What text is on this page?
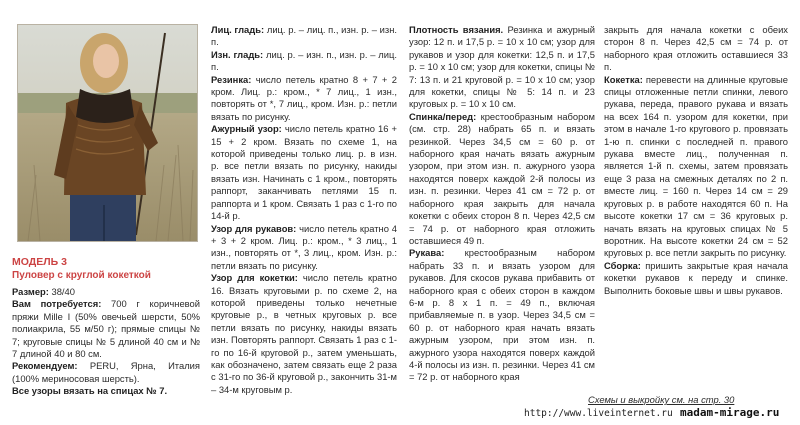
МОДЕЛЬ 3

Пуловер с круглой кокеткой

Размер: 38/40

Вам потребуется: 700 г коричневой пряжи Mille I (50% овечьей шерсти, 50% полиакрила, 55 м/50 г); прямые спицы № 7; круговые спицы № 5 длиной 40 см и № 7 длиной 40 и 80 см.

Рекомендуем: PERU, Ярна, Италия (100% мериносовая шерсть).

Все узоры вязать на спицах № 7.

Лиц. гладь: лиц. р. – лиц. п., изн. р. – изн. п.

Изн. гладь: лиц. р. – изн. п., изн. р. – лиц. п.

Резинка: число петель кратно 8 + 7 + 2 кром. Лиц. р.: кром., * 7 лиц., 1 изн., повторять от *, 7 лиц., кром. Изн. р.: петли вязать по рисунку.

Ажурный узор: число петель кратно 16 + 15 + 2 кром. Вязать по схеме 1, на которой приведены только лиц. р. в изн. р. все петли вязать по рисунку, накиды вязать изн. Начинать с 1 кром., повторять раппорт, заканчивать петлями 15 п. раппорта и 1 кром. Связать 1 раз с 1-го по 14-й р.

Узор для рукавов: число петель кратно 4 + 3 + 2 кром. Лиц. р.: кром., * 3 лиц., 1 изн., повторять от *, 3 лиц., кром. Изн. р.: петли вязать по рисунку.

Узор для кокетки: число петель кратно 16. Вязать круговыми р. по схеме 2, на которой приведены только нечетные круговые р., в четных круговых р. все петли вязать по рисунку, накиды вязать изн. Повторять раппорт. Связать 1 раз с 1-го по 16-й круговой р., затем уменьшать, как обозначено, затем связать еще 2 раза с 31-го по 36-й круговой р., закончить 31-м – 34-м круговым р.

Плотность вязания. Резинка и ажурный узор: 12 п. и 17,5 р. = 10 х 10 см; узор для рукавов и узор для кокетки: 12,5 п. и 17,5 р. = 10 х 10 см; узор для кокетки, спицы № 7: 13 п. и 21 круговой р. = 10 х 10 см; узор для кокетки, спицы № 5: 14 п. и 23 круговых р. = 10 х 10 см.

Спинка/перед: крестообразным набором (см. стр. 28) набрать 65 п. и вязать резинкой. Через 34,5 см = 60 р. от наборного края начать вязать ажурным узором, при этом изн. п. ажурного узора находятся поверх каждой 2-й полосы из изн. п. резинки. Через 41 см = 72 р. от наборного края закрыть для начала кокетки с обеих сторон 8 п. Через 42,5 см = 74 р. от наборного края отложить оставшиеся 49 п.

Рукава: крестообразным набором набрать 33 п. и вязать узором для рукавов. Для скосов рукава прибавить от наборного края с обеих сторон в каждом 6-м р. 8 х 1 п. = 49 п., включая прибавляемые п. в узор. Через 34,5 см = 60 р. от наборного края начать вязать ажурным узором, при этом изн. п. ажурного узора находятся поверх каждой 4-й полосы из изн. п. резинки. Через 41 см = 72 р. от наборного края

закрыть для начала кокетки с обеих сторон 8 п. Через 42,5 см = 74 р. от наборного края отложить оставшиеся 33 п.

Кокетка: перевести на длинные круговые спицы отложенные петли спинки, левого рукава, переда, правого рукава и вязать на всех 164 п. узором для кокетки, при этом в начале 1-го кругового р. провязать 1-ю п. спинки с последней п. правого рукава вместе лиц., полученная п. является 1-й п. схемы, затем провязать еще 3 раза на смежных деталях по 2 п. вместе лиц. = 160 п. Через 14 см = 29 круговых р. в работе находятся 60 п. На высоте кокетки 17 см = 36 круговых р. начать вязать на круговых спицах № 5 воротник. На высоте кокетки 24 см = 52 круговых р. все петли закрыть по рисунку.

Сборка: пришить закрытые края начала кокетки рукавов к переду и спинке. Выполнить боковые швы и швы рукавов.

Схемы и выкройку см. на стр. 30
http://www.liveinternet.ru madam-mirage.ru
